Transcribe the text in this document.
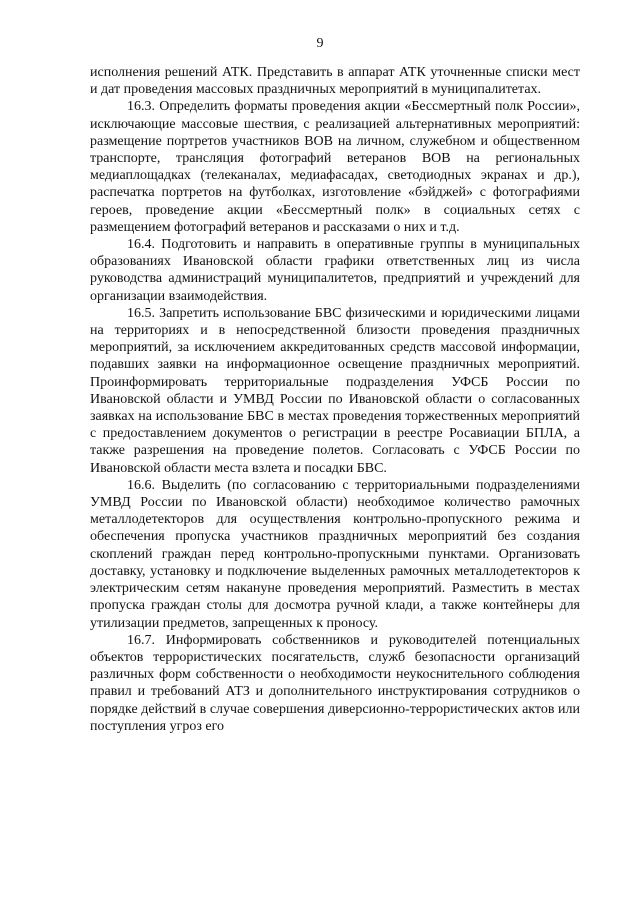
9

исполнения решений АТК. Представить в аппарат АТК уточненные списки мест и дат проведения массовых праздничных мероприятий в муниципалитетах.

16.3. Определить форматы проведения акции «Бессмертный полк России», исключающие массовые шествия, с реализацией альтернативных мероприятий: размещение портретов участников ВОВ на личном, служебном и общественном транспорте, трансляция фотографий ветеранов ВОВ на региональных медиаплощадках (телеканалах, медиафасадах, светодиодных экранах и др.), распечатка портретов на футболках, изготовление «бэйджей» с фотографиями героев, проведение акции «Бессмертный полк» в социальных сетях с размещением фотографий ветеранов и рассказами о них и т.д.

16.4. Подготовить и направить в оперативные группы в муниципальных образованиях Ивановской области графики ответственных лиц из числа руководства администраций муниципалитетов, предприятий и учреждений для организации взаимодействия.

16.5. Запретить использование БВС физическими и юридическими лицами на территориях и в непосредственной близости проведения праздничных мероприятий, за исключением аккредитованных средств массовой информации, подавших заявки на информационное освещение праздничных мероприятий. Проинформировать территориальные подразделения УФСБ России по Ивановской области и УМВД России по Ивановской области о согласованных заявках на использование БВС в местах проведения торжественных мероприятий с предоставлением документов о регистрации в реестре Росавиации БПЛА, а также разрешения на проведение полетов. Согласовать с УФСБ России по Ивановской области места взлета и посадки БВС.

16.6. Выделить (по согласованию с территориальными подразделениями УМВД России по Ивановской области) необходимое количество рамочных металлодетекторов для осуществления контрольно-пропускного режима и обеспечения пропуска участников праздничных мероприятий без создания скоплений граждан перед контрольно-пропускными пунктами. Организовать доставку, установку и подключение выделенных рамочных металлодетекторов к электрическим сетям накануне проведения мероприятий. Разместить в местах пропуска граждан столы для досмотра ручной клади, а также контейнеры для утилизации предметов, запрещенных к проносу.

16.7. Информировать собственников и руководителей потенциальных объектов террористических посягательств, служб безопасности организаций различных форм собственности о необходимости неукоснительного соблюдения правил и требований АТЗ и дополнительного инструктирования сотрудников о порядке действий в случае совершения диверсионно-террористических актов или поступления угроз его
